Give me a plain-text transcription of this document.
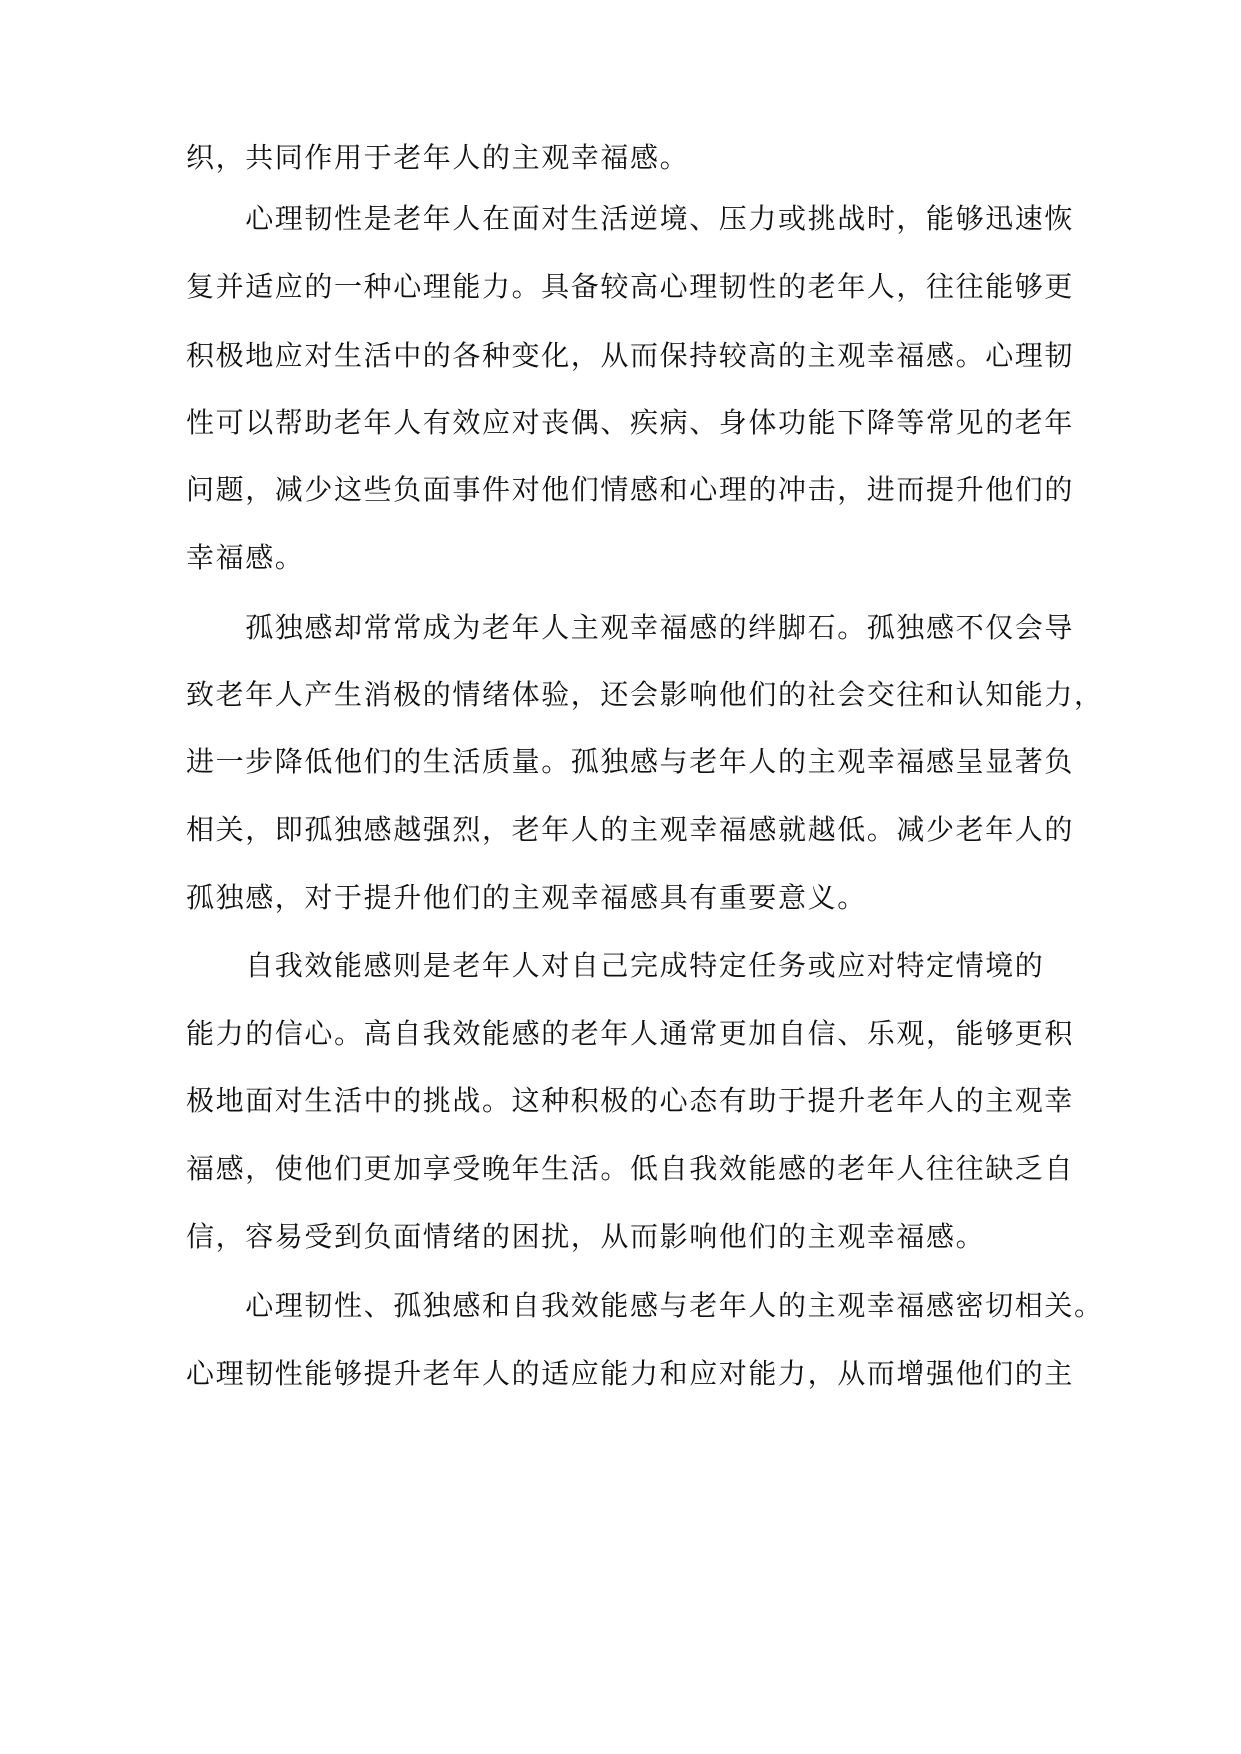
织，共同作用于老年人的主观幸福感。
　　心理韧性是老年人在面对生活逆境、压力或挑战时，能够迅速恢
复并适应的一种心理能力。具备较高心理韧性的老年人，往往能够更
积极地应对生活中的各种变化，从而保持较高的主观幸福感。心理韧
性可以帮助老年人有效应对丧偶、疾病、身体功能下降等常见的老年
问题，减少这些负面事件对他们情感和心理的冲击，进而提升他们的
幸福感。
　　孤独感却常常成为老年人主观幸福感的绊脚石。孤独感不仅会导
致老年人产生消极的情绪体验，还会影响他们的社会交往和认知能力，
进一步降低他们的生活质量。孤独感与老年人的主观幸福感呈显著负
相关，即孤独感越强烈，老年人的主观幸福感就越低。减少老年人的
孤独感，对于提升他们的主观幸福感具有重要意义。
　　自我效能感则是老年人对自己完成特定任务或应对特定情境的
能力的信心。高自我效能感的老年人通常更加自信、乐观，能够更积
极地面对生活中的挑战。这种积极的心态有助于提升老年人的主观幸
福感，使他们更加享受晚年生活。低自我效能感的老年人往往缺乏自
信，容易受到负面情绪的困扰，从而影响他们的主观幸福感。
　　心理韧性、孤独感和自我效能感与老年人的主观幸福感密切相关。
心理韧性能够提升老年人的适应能力和应对能力，从而增强他们的主
